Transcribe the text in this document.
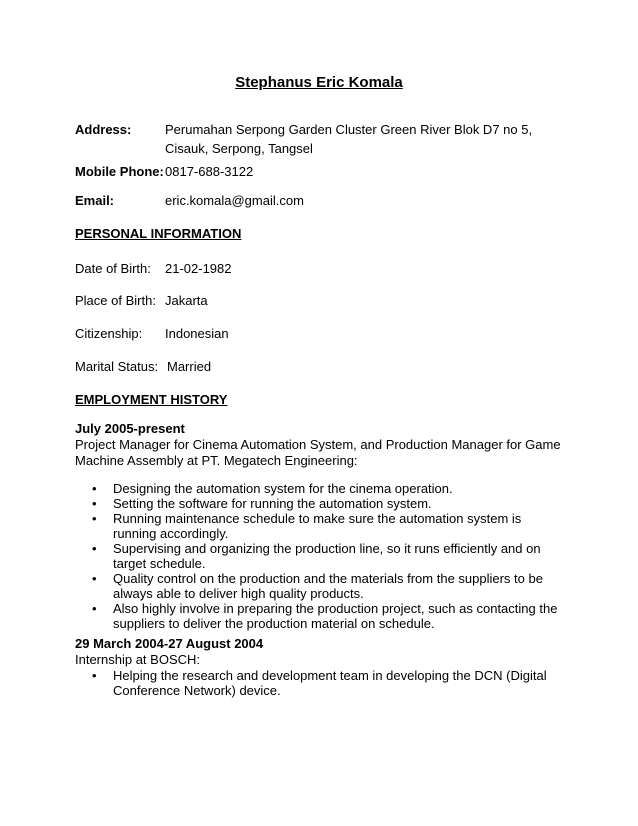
Stephanus Eric Komala
Address:	Perumahan Serpong Garden Cluster Green River Blok D7 no 5, Cisauk, Serpong, Tangsel
Mobile Phone: 0817-688-3122
Email:	eric.komala@gmail.com
PERSONAL INFORMATION
Date of Birth: 21-02-1982
Place of Birth: Jakarta
Citizenship: Indonesian
Marital Status: Married
EMPLOYMENT HISTORY
July 2005-present
Project Manager for Cinema Automation System, and Production Manager for Game Machine Assembly at PT. Megatech Engineering:
• Designing the automation system for the cinema operation.
• Setting the software for running the automation system.
• Running maintenance schedule to make sure the automation system is running accordingly.
• Supervising and organizing the production line, so it runs efficiently and on target schedule.
• Quality control on the production and the materials from the suppliers to be always able to deliver high quality products.
• Also highly involve in preparing the production project, such as contacting the suppliers to deliver the production material on schedule.
29 March 2004-27 August 2004
Internship at BOSCH:
• Helping the research and development team in developing the DCN (Digital Conference Network) device.
